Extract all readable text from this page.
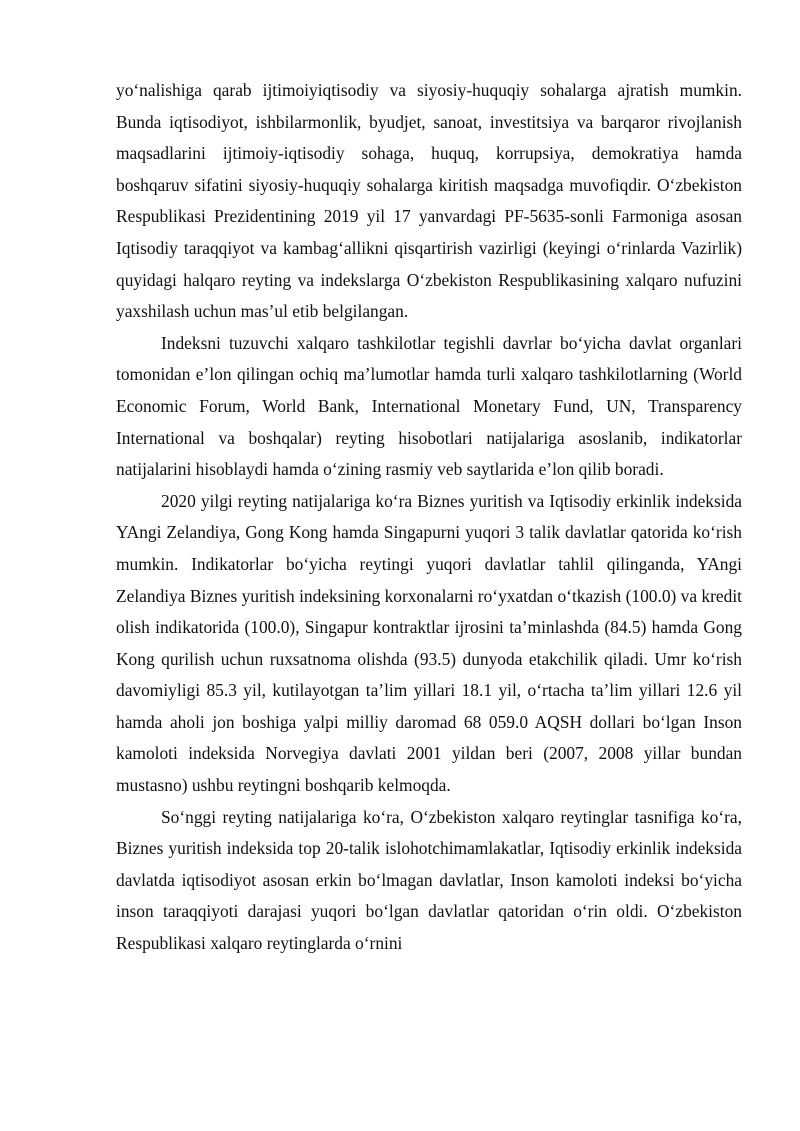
yoʻnalishiga qarab ijtimoiyiqtisodiy va siyosiy-huquqiy sohalarga ajratish mumkin. Bunda iqtisodiyot, ishbilarmonlik, byudjet, sanoat, investitsiya va barqaror rivojlanish maqsadlarini ijtimoiy-iqtisodiy sohaga, huquq, korrupsiya, demokratiya hamda boshqaruv sifatini siyosiy-huquqiy sohalarga kiritish maqsadga muvofiqdir. Oʻzbekiston Respublikasi Prezidentining 2019 yil 17 yanvardagi PF-5635-sonli Farmoniga asosan Iqtisodiy taraqqiyot va kambagʻallikni qisqartirish vazirligi (keyingi oʻrinlarda Vazirlik) quyidagi halqaro reyting va indekslarga Oʻzbekiston Respublikasining xalqaro nufuzini yaxshilash uchun mas’ul etib belgilangan.

Indeksni tuzuvchi xalqaro tashkilotlar tegishli davrlar boʻyicha davlat organlari tomonidan e’lon qilingan ochiq ma’lumotlar hamda turli xalqaro tashkilotlarning (World Economic Forum, World Bank, International Monetary Fund, UN, Transparency International va boshqalar) reyting hisobotlari natijalariga asoslanib, indikatorlar natijalarini hisoblaydi hamda oʻzining rasmiy veb saytlarida e’lon qilib boradi.

2020 yilgi reyting natijalariga koʻra Biznes yuritish va Iqtisodiy erkinlik indeksida YAngi Zelandiya, Gong Kong hamda Singapurni yuqori 3 talik davlatlar qatorida koʻrish mumkin. Indikatorlar boʻyicha reytingi yuqori davlatlar tahlil qilinganda, YAngi Zelandiya Biznes yuritish indeksining korxonalarni roʻyxatdan oʻtkazish (100.0) va kredit olish indikatorida (100.0), Singapur kontraktlar ijrosini ta’minlashda (84.5) hamda Gong Kong qurilish uchun ruxsatnoma olishda (93.5) dunyoda etakchilik qiladi. Umr koʻrish davomiyligi 85.3 yil, kutilayotgan ta’lim yillari 18.1 yil, oʻrtacha ta’lim yillari 12.6 yil hamda aholi jon boshiga yalpi milliy daromad 68 059.0 AQSH dollari boʻlgan Inson kamoloti indeksida Norvegiya davlati 2001 yildan beri (2007, 2008 yillar bundan mustasno) ushbu reytingni boshqarib kelmoqda.

Soʻnggi reyting natijalariga koʻra, Oʻzbekiston xalqaro reytinglar tasnifiga koʻra, Biznes yuritish indeksida top 20-talik islohotchimamlakatlar, Iqtisodiy erkinlik indeksida davlatda iqtisodiyot asosan erkin boʻlmagan davlatlar, Inson kamoloti indeksi boʻyicha inson taraqqiyoti darajasi yuqori boʻlgan davlatlar qatoridan oʻrin oldi. Oʻzbekiston Respublikasi xalqaro reytinglarda oʻrnini
